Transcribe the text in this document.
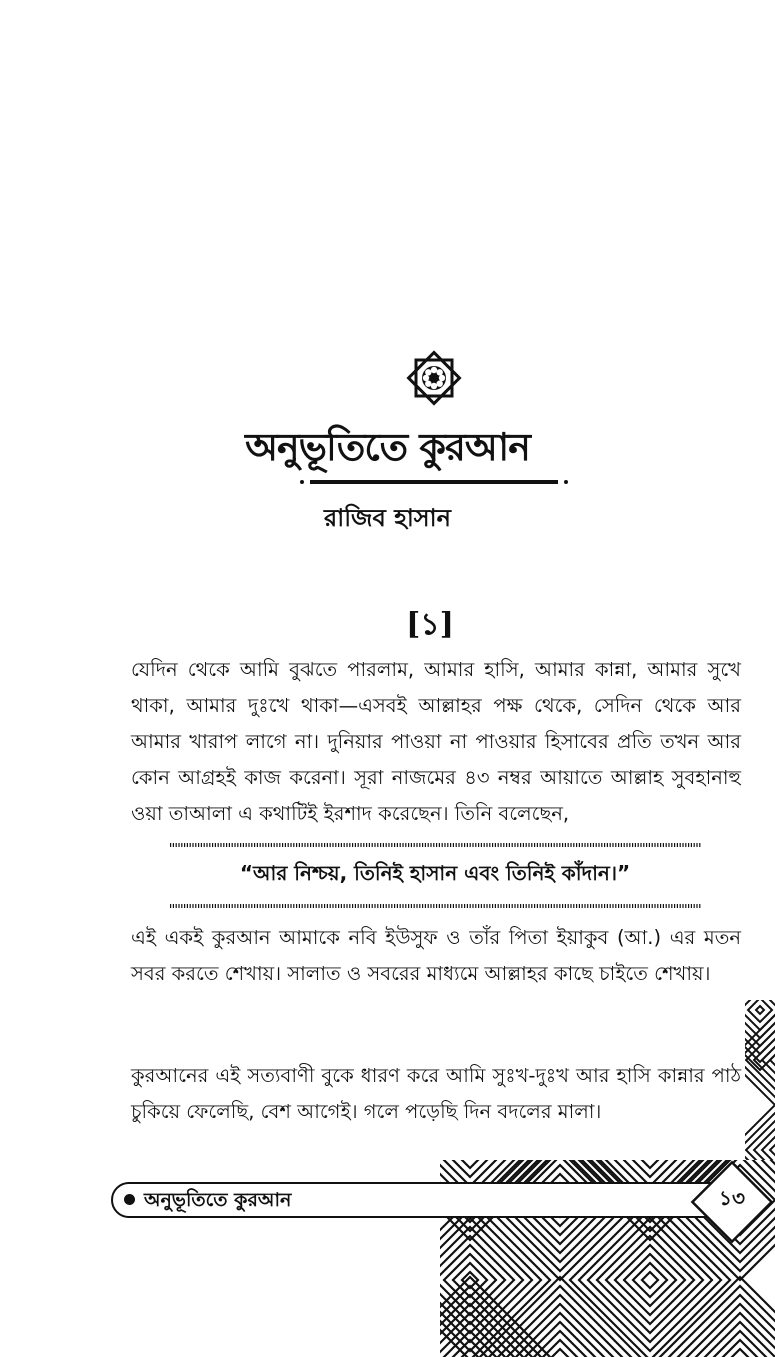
অনুভূতিতে কুরআন
রাজিব হাসান
[১]

যেদিন থেকে আমি বুঝতে পারলাম, আমার হাসি, আমার কান্না, আমার সুখে থাকা, আমার দুঃখে থাকা—এসবই আল্লাহর পক্ষ থেকে, সেদিন থেকে আর আমার খারাপ লাগে না। দুনিয়ার পাওয়া না পাওয়ার হিসাবের প্রতি তখন আর কোন আগ্রহই কাজ করেনা। সূরা নাজমের ৪৩ নম্বর আয়াতে আল্লাহ সুবহানাহু ওয়া তাআলা এ কথাটিই ইরশাদ করেছেন। তিনি বলেছেন,

“আর নিশ্চয়, তিনিই হাসান এবং তিনিই কাঁদান।”

এই একই কুরআন আমাকে নবি ইউসুফ ও তাঁর পিতা ইয়াকুব (আ.) এর মতন সবর করতে শেখায়। সালাত ও সবরের মাধ্যমে আল্লাহর কাছে চাইতে শেখায়।

কুরআনের এই সত্যবাণী বুকে ধারণ করে আমি সুঃখ-দুঃখ আর হাসি কান্নার পাঠ চুকিয়ে ফেলেছি, বেশ আগেই। গলে পড়েছি দিন বদলের মালা।

অনুভূতিতে কুরআন	১৩
